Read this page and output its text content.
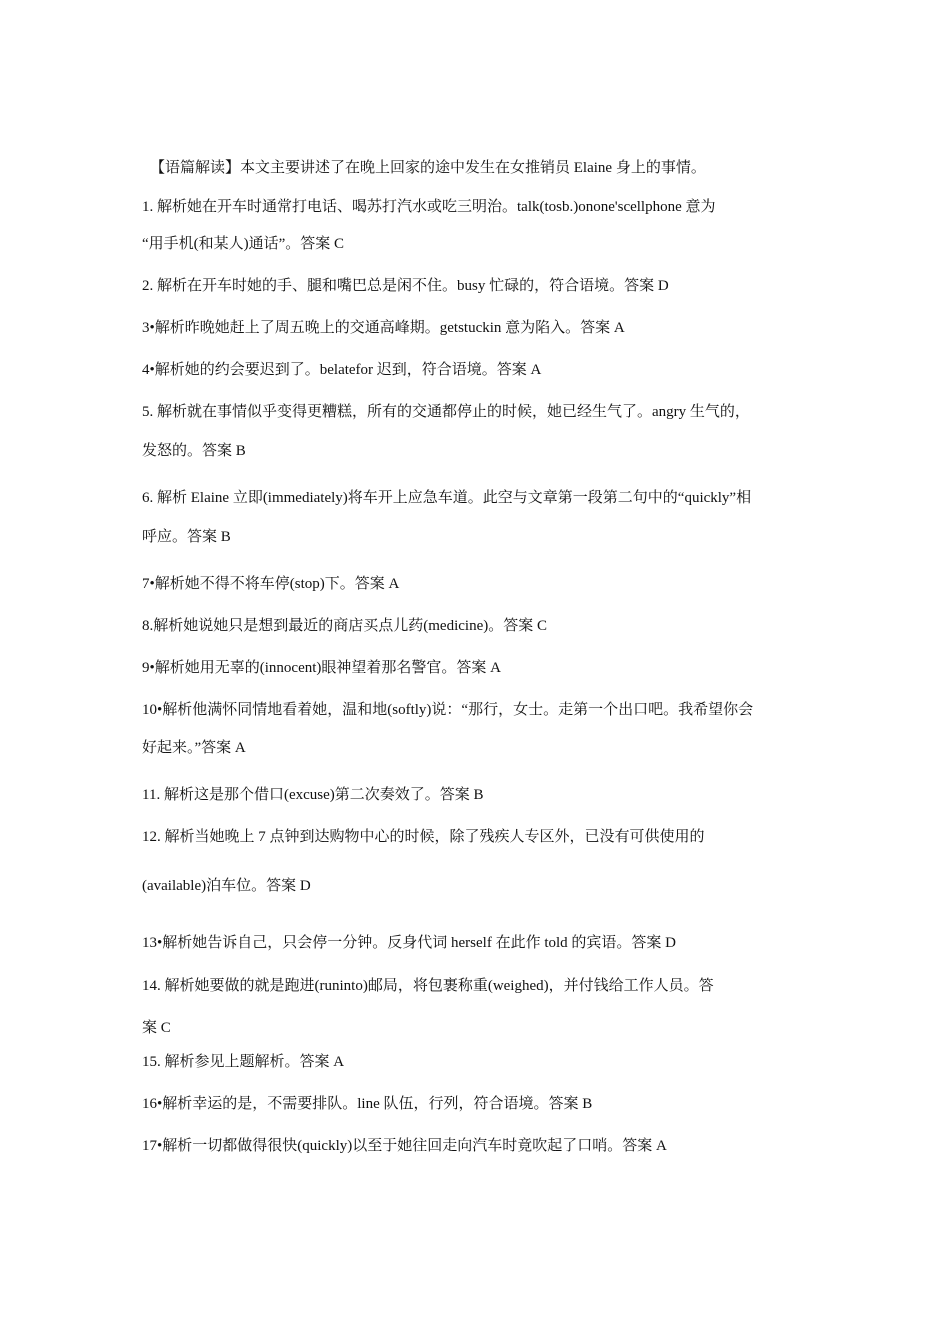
【语篇解读】本文主要讲述了在晚上回家的途中发生在女推销员 Elaine 身上的事情。
1. 解析她在开车时通常打电话、喝苏打汽水或吃三明治。talk(tosb.)onone'scellphone 意为
“用手机(和某人)通话”。答案 C
2. 解析在开车时她的手、腿和嘴巴总是闲不住。busy 忙碌的，符合语境。答案 D
3•解析昨晚她赶上了周五晚上的交通高峰期。getstuckin 意为陷入。答案 A
4•解析她的约会要迟到了。belatefor 迟到，符合语境。答案 A
5. 解析就在事情似乎变得更糟糕，所有的交通都停止的时候，她已经生气了。angry 生气的，
发怒的。答案 B
6. 解析 Elaine 立即(immediately)将车开上应急车道。此空与文章第一段第二句中的“quickly”相
呼应。答案 B
7•解析她不得不将车停(stop)下。答案 A
8.解析她说她只是想到最近的商店买点儿药(medicine)。答案 C
9•解析她用无辜的(innocent)眼神望着那名警官。答案 A
10•解析他满怀同情地看着她，温和地(softly)说：“那行，女士。走第一个出口吧。我希望你会
好起来。”答案 A
11. 解析这是那个借口(excuse)第二次奏效了。答案 B
12. 解析当她晚上 7 点钟到达购物中心的时候，除了残疾人专区外，已没有可供使用的
(available)泊车位。答案 D
13•解析她告诉自己，只会停一分钟。反身代词 herself 在此作 told 的宾语。答案 D
14. 解析她要做的就是跑进(runinto)邮局，将包裹称重(weighed)，并付钱给工作人员。答
案 C
15. 解析参见上题解析。答案 A
16•解析幸运的是，不需要排队。line 队伍，行列，符合语境。答案 B
17•解析一切都做得很快(quickly)以至于她往回走向汽车时竟吹起了口哨。答案 A
